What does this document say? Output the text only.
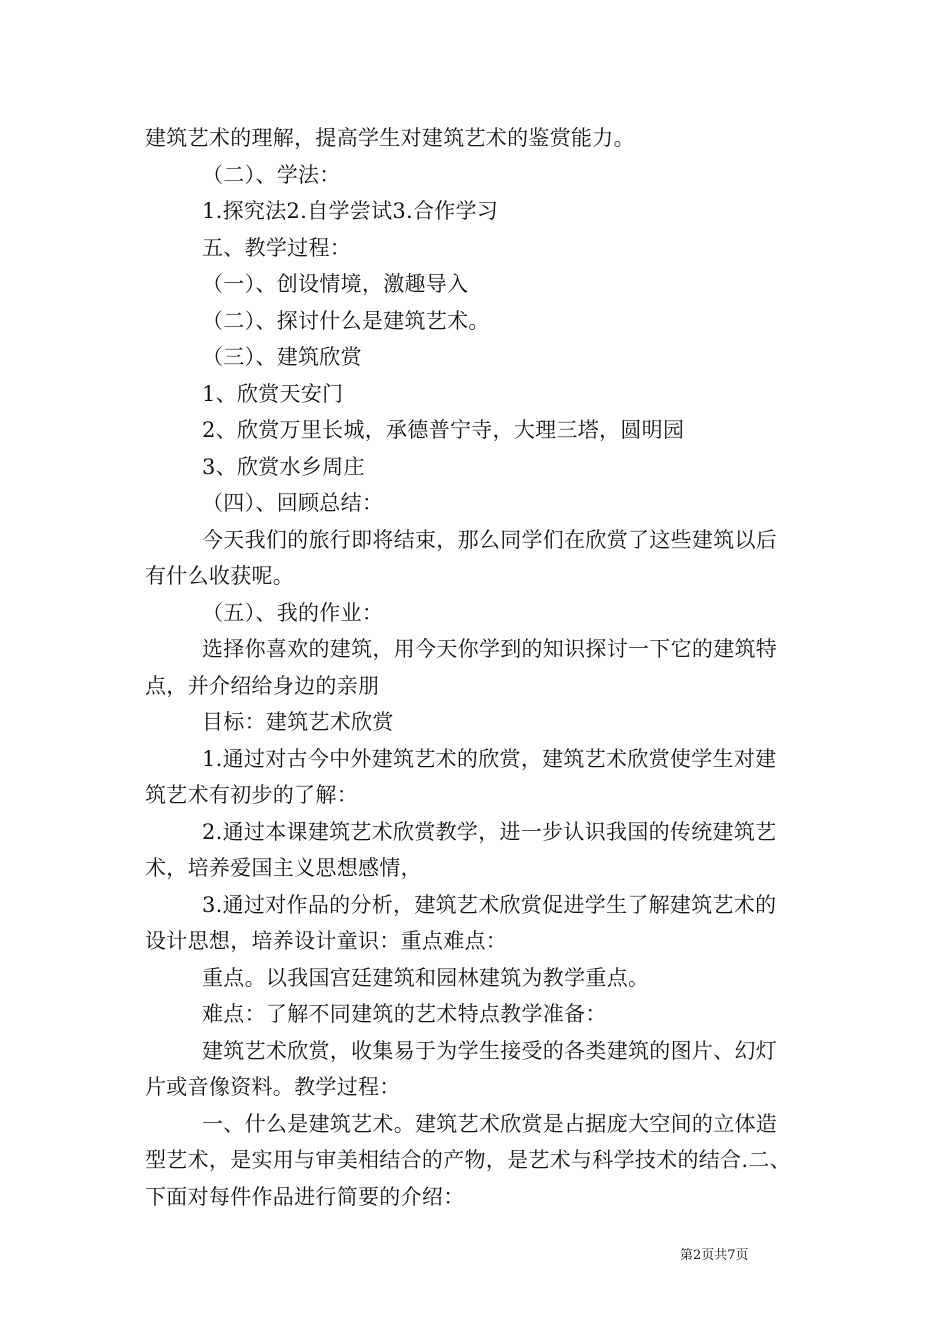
建筑艺术的理解，提高学生对建筑艺术的鉴赏能力。

（二）、学法：

1.探究法2.自学尝试3.合作学习

五、教学过程：

（一）、创设情境，激趣导入

（二）、探讨什么是建筑艺术。

（三）、建筑欣赏

1、欣赏天安门

2、欣赏万里长城，承德普宁寺，大理三塔，圆明园

3、欣赏水乡周庄

（四）、回顾总结：

今天我们的旅行即将结束，那么同学们在欣赏了这些建筑以后

有什么收获呢。

（五）、我的作业：

选择你喜欢的建筑，用今天你学到的知识探讨一下它的建筑特

点，并介绍给身边的亲朋

目标：建筑艺术欣赏

1.通过对古今中外建筑艺术的欣赏，建筑艺术欣赏使学生对建

筑艺术有初步的了解：

2.通过本课建筑艺术欣赏教学，进一步认识我国的传统建筑艺

术，培养爱国主义思想感情，

3.通过对作品的分析，建筑艺术欣赏促进学生了解建筑艺术的

设计思想，培养设计童识：重点难点：

重点。以我国宫廷建筑和园林建筑为教学重点。

难点：了解不同建筑的艺术特点教学准备：

建筑艺术欣赏，收集易于为学生接受的各类建筑的图片、幻灯

片或音像资料。教学过程：

一、什么是建筑艺术。建筑艺术欣赏是占据庞大空间的立体造

型艺术，是实用与审美相结合的产物，是艺术与科学技术的结合.二、

下面对每件作品进行简要的介绍：

第2页共7页
